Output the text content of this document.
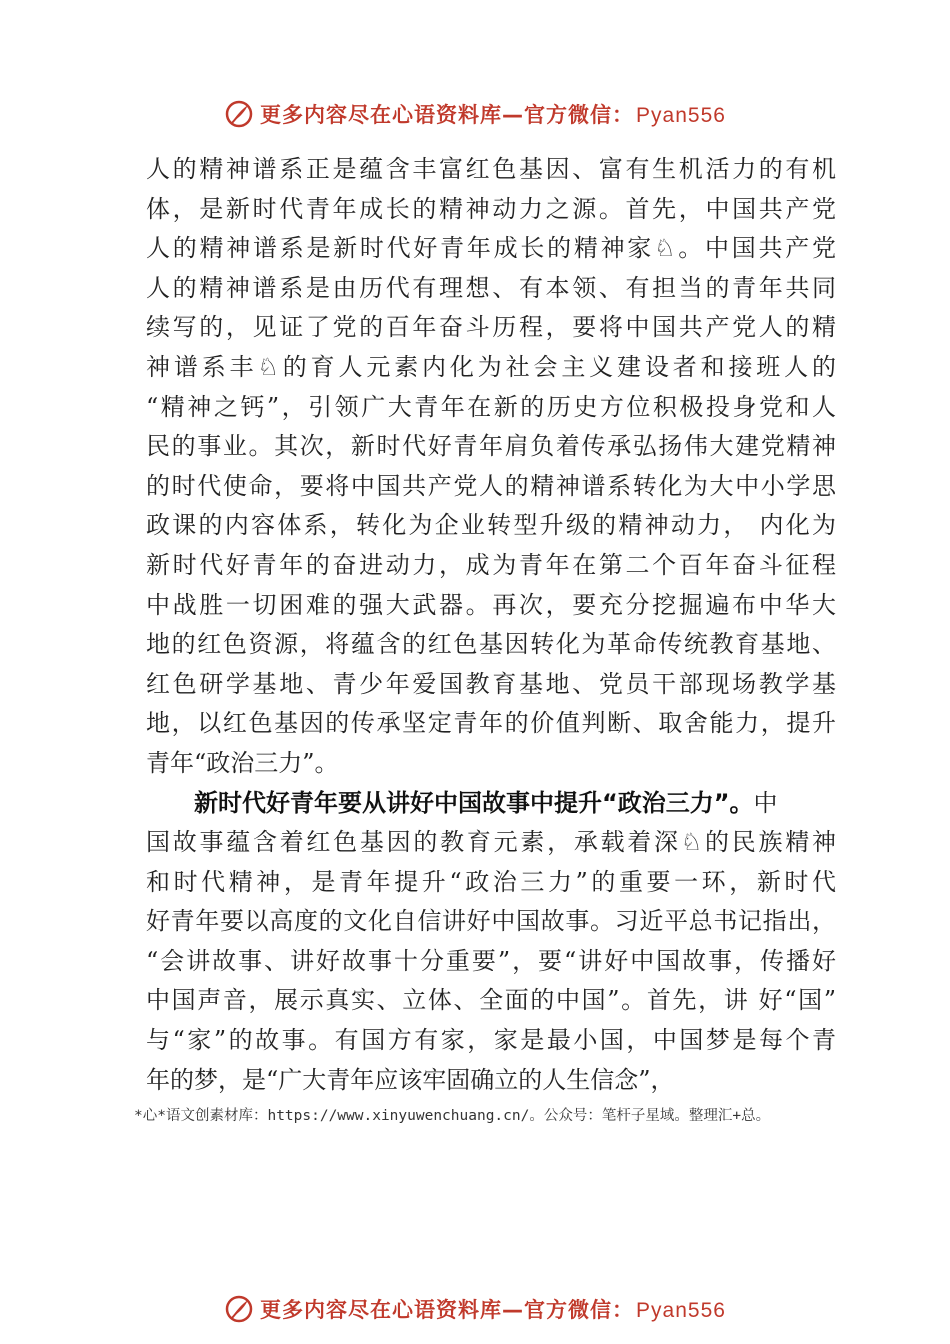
更多内容尽在心语资料库—官方微信：Pyan556
人的精神谱系正是蕴含丰富红色基因、富有生机活力的有机
体，是新时代青年成长的精神动力之源。首先，中国共产党
人的精神谱系是新时代好青年成长的精神家♘。中国共产党
人的精神谱系是由历代有理想、有本领、有担当的青年共同
续写的，见证了党的百年奋斗历程，要将中国共产党人的精
神谱系丰♘的育人元素内化为社会主义建设者和接班人的
“精神之钙”，引领广大青年在新的历史方位积极投身党和人
民的事业。其次，新时代好青年肩负着传承弘扬伟大建党精神
的时代使命，要将中国共产党人的精神谱系转化为大中小学思
政课的内容体系，转化为企业转型升级的精神动力， 内化为
新时代好青年的奋进动力，成为青年在第二个百年奋斗征程
中战胜一切困难的强大武器。再次，要充分挖掘遍布中华大
地的红色资源，将蕴含的红色基因转化为革命传统教育基地、
红色研学基地、青少年爱国教育基地、党员干部现场教学基
地，以红色基因的传承坚定青年的价值判断、取舍能力，提升
青年“政治三力”。
新时代好青年要从讲好中国故事中提升“政治三力”。中
国故事蕴含着红色基因的教育元素，承载着深♘的民族精神
和时代精神，是青年提升“政治三力”的重要一环，新时代
好青年要以高度的文化自信讲好中国故事。习近平总书记指出，
“会讲故事、讲好故事十分重要”，要“讲好中国故事，传播好
中国声音，展示真实、立体、全面的中国”。首先，讲 好“国”
与“家”的故事。有国方有家，家是最小国，中国梦是每个青
年的梦，是“广大青年应该牢固确立的人生信念”，
*心*语文创素材库：https://www.xinyuwenchuang.cn/。公众号：笔杆子星域。整理汇+总。
更多内容尽在心语资料库—官方微信：Pyan556
